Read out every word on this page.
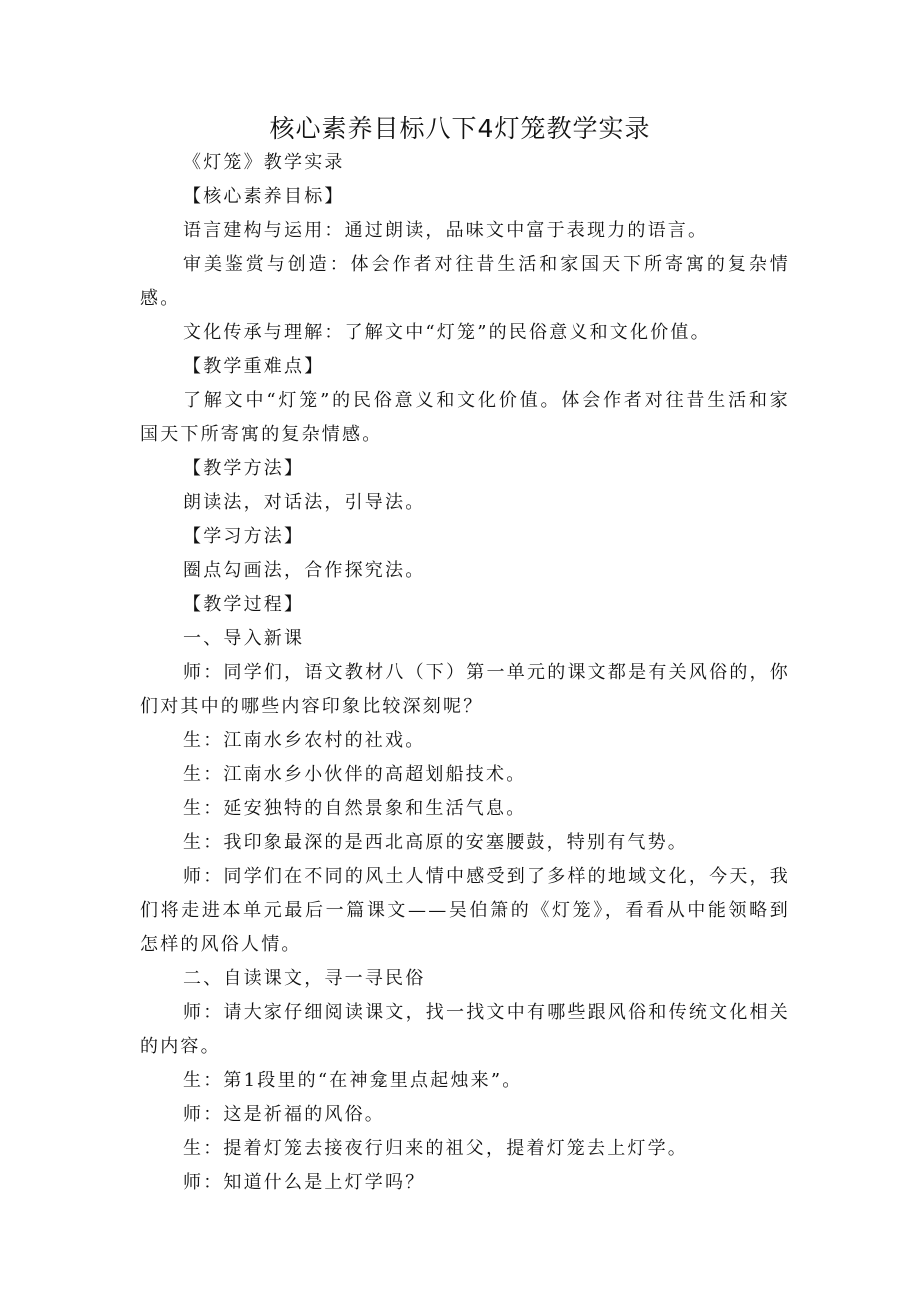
核心素养目标八下4灯笼教学实录

《灯笼》教学实录

【核心素养目标】

语言建构与运用：通过朗读，品味文中富于表现力的语言。

审美鉴赏与创造：体会作者对往昔生活和家国天下所寄寓的复杂情感。

文化传承与理解：了解文中“灯笼”的民俗意义和文化价值。

【教学重难点】

了解文中“灯笼”的民俗意义和文化价值。体会作者对往昔生活和家国天下所寄寓的复杂情感。

【教学方法】

朗读法，对话法，引导法。

【学习方法】

圈点勾画法，合作探究法。

【教学过程】

一、导入新课

师：同学们，语文教材八（下）第一单元的课文都是有关风俗的，你们对其中的哪些内容印象比较深刻呢？

生：江南水乡农村的社戏。

生：江南水乡小伙伴的高超划船技术。

生：延安独特的自然景象和生活气息。

生：我印象最深的是西北高原的安塞腰鼓，特别有气势。

师：同学们在不同的风土人情中感受到了多样的地域文化，今天，我们将走进本单元最后一篇课文——吴伯箫的《灯笼》，看看从中能领略到怎样的风俗人情。

二、自读课文，寻一寻民俗

师：请大家仔细阅读课文，找一找文中有哪些跟风俗和传统文化相关的内容。

生：第1段里的“在神龛里点起烛来”。

师：这是祈福的风俗。

生：提着灯笼去接夜行归来的祖父，提着灯笼去上灯学。

师：知道什么是上灯学吗？
